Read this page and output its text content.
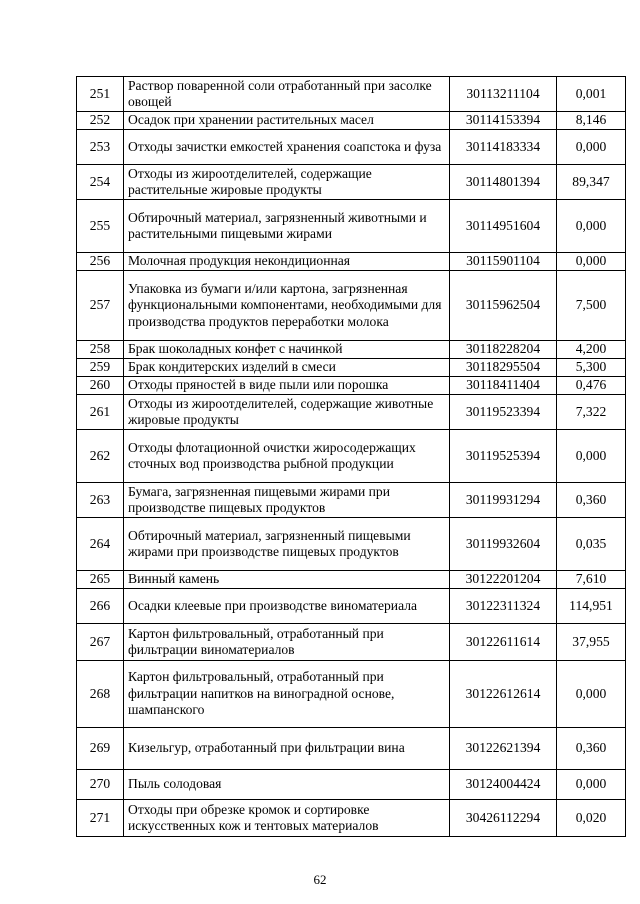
251	Раствор поваренной соли отработанный при засолке овощей	30113211104	0,001
252	Осадок при хранении растительных масел	30114153394	8,146
253	Отходы зачистки емкостей хранения соапстока и фуза	30114183334	0,000
254	Отходы из жироотделителей, содержащие растительные жировые продукты	30114801394	89,347
255	Обтирочный материал, загрязненный животными и растительными пищевыми жирами	30114951604	0,000
256	Молочная продукция некондиционная	30115901104	0,000
257	Упаковка из бумаги и/или картона, загрязненная функциональными компонентами, необходимыми для производства продуктов переработки молока	30115962504	7,500
258	Брак шоколадных конфет с начинкой	30118228204	4,200
259	Брак кондитерских изделий в смеси	30118295504	5,300
260	Отходы пряностей в виде пыли или порошка	30118411404	0,476
261	Отходы из жироотделителей, содержащие животные жировые продукты	30119523394	7,322
262	Отходы флотационной очистки жиросодержащих сточных вод производства рыбной продукции	30119525394	0,000
263	Бумага, загрязненная пищевыми жирами при производстве пищевых продуктов	30119931294	0,360
264	Обтирочный материал, загрязненный пищевыми жирами при производстве пищевых продуктов	30119932604	0,035
265	Винный камень	30122201204	7,610
266	Осадки клеевые при производстве виноматериала	30122311324	114,951
267	Картон фильтровальный, отработанный при фильтрации виноматериалов	30122611614	37,955
268	Картон фильтровальный, отработанный при фильтрации напитков на виноградной основе, шампанского	30122612614	0,000
269	Кизельгур, отработанный при фильтрации вина	30122621394	0,360
270	Пыль солодовая	30124004424	0,000
271	Отходы при обрезке кромок и сортировке искусственных кож и тентовых материалов	30426112294	0,020
62
